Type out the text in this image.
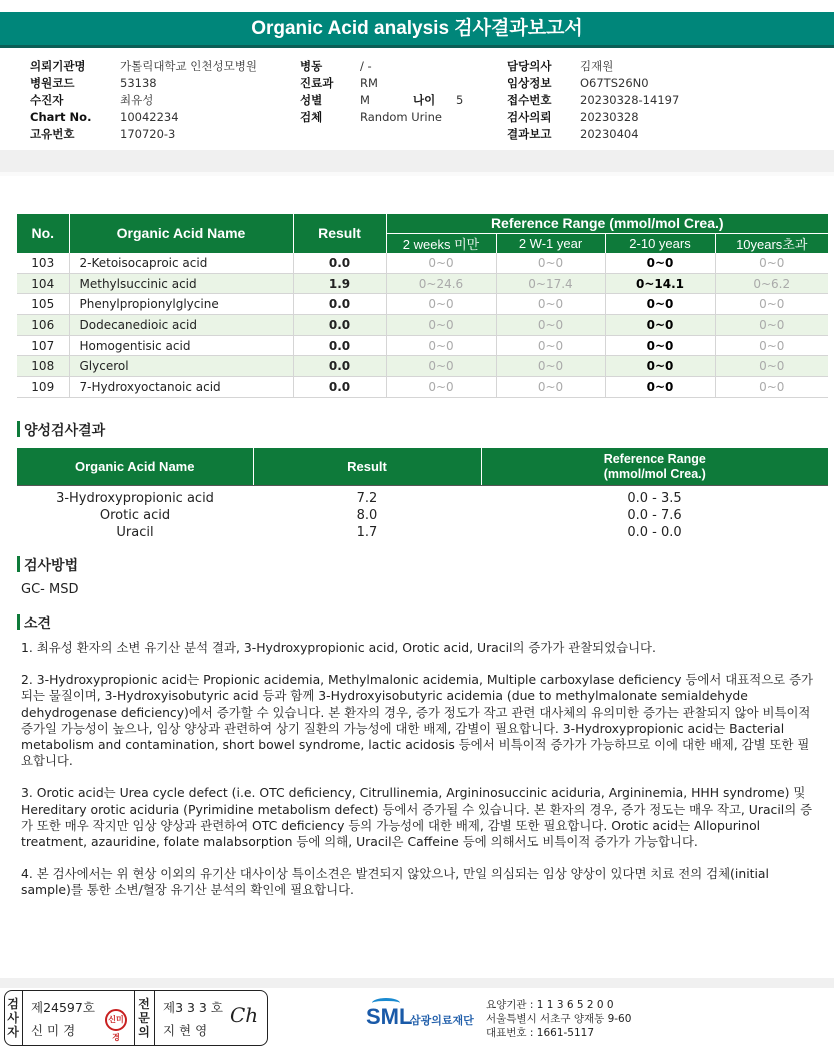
Organic Acid analysis 검사결과보고서
의뢰기관명	가톨릭대학교 인천성모병원
병원코드	53138
수진자	최유성
Chart No.	10042234
고유번호	170720-3
병동	/ -
진료과	RM
성별	M	나이	5
검체	Random Urine
담당의사	김재원
임상정보	O67TS26N0
접수번호	20230328-14197
검사의뢰	20230328
결과보고	20230404
No.	Organic Acid Name	Result	Reference Range (mmol/mol Crea.)			
			2 weeks 미만	2 W-1 year	2-10 years	10years초과
103	2-Ketoisocaproic acid	0.0	0~0	0~0	0~0	0~0
104	Methylsuccinic acid	1.9	0~24.6	0~17.4	0~14.1	0~6.2
105	Phenylpropionylglycine	0.0	0~0	0~0	0~0	0~0
106	Dodecanedioic acid	0.0	0~0	0~0	0~0	0~0
107	Homogentisic acid	0.0	0~0	0~0	0~0	0~0
108	Glycerol	0.0	0~0	0~0	0~0	0~0
109	7-Hydroxyoctanoic acid	0.0	0~0	0~0	0~0	0~0
양성검사결과
Organic Acid Name	Result	Reference Range
(mmol/mol Crea.)

3-Hydroxypropionic acid	7.2	0.0 - 3.5
Orotic acid	8.0	0.0 - 7.6
Uracil	1.7	0.0 - 0.0
검사방법
GC- MSD
소견

1. 최유성 환자의 소변 유기산 분석 결과, 3-Hydroxypropionic acid, Orotic acid, Uracil의 증가가 관찰되었습니다.

2. 3-Hydroxypropionic acid는 Propionic acidemia, Methylmalonic acidemia, Multiple carboxylase deficiency 등에서 대표적으로 증가되는 물질이며, 3-Hydroxyisobutyric acid 등과 함께 3-Hydroxyisobutyric acidemia (due to methylmalonate semialdehyde dehydrogenase deficiency)에서 증가할 수 있습니다. 본 환자의 경우, 증가 정도가 작고 관련 대사체의 유의미한 증가는 관찰되지 않아 비특이적 증가일 가능성이 높으나, 임상 양상과 관련하여 상기 질환의 가능성에 대한 배제, 감별이 필요합니다. 3-Hydroxypropionic acid는 Bacterial metabolism and contamination, short bowel syndrome, lactic acidosis 등에서 비특이적 증가가 가능하므로 이에 대한 배제, 감별 또한 필요합니다.

3. Orotic acid는 Urea cycle defect (i.e. OTC deficiency, Citrullinemia, Argininosuccinic aciduria, Argininemia, HHH syndrome) 및 Hereditary orotic aciduria (Pyrimidine metabolism defect) 등에서 증가될 수 있습니다. 본 환자의 경우, 증가 정도는 매우 작고, Uracil의 증가 또한 매우 작지만 임상 양상과 관련하여 OTC deficiency 등의 가능성에 대한 배제, 감별 또한 필요합니다. Orotic acid는 Allopurinol treatment, azauridine, folate malabsorption 등에 의해, Uracil은 Caffeine 등에 의해서도 비특이적 증가가 가능합니다.

4. 본 검사에서는 위 현상 이외의 유기산 대사이상 특이소견은 발견되지 않았으나, 만일 의심되는 임상 양상이 있다면 치료 전의 검체(initial sample)를 통한 소변/혈장 유기산 분석의 확인에 필요합니다.

검
사
자
제24597호
신 미 경
신미경
전
문
의
제3 3 3 호
지 현 영
Ch	SML
삼광의료재단
요양기관 : 1 1 3 6 5 2 0 0
서울특별시 서초구 양재동 9-60
대표번호 : 1661-5117
